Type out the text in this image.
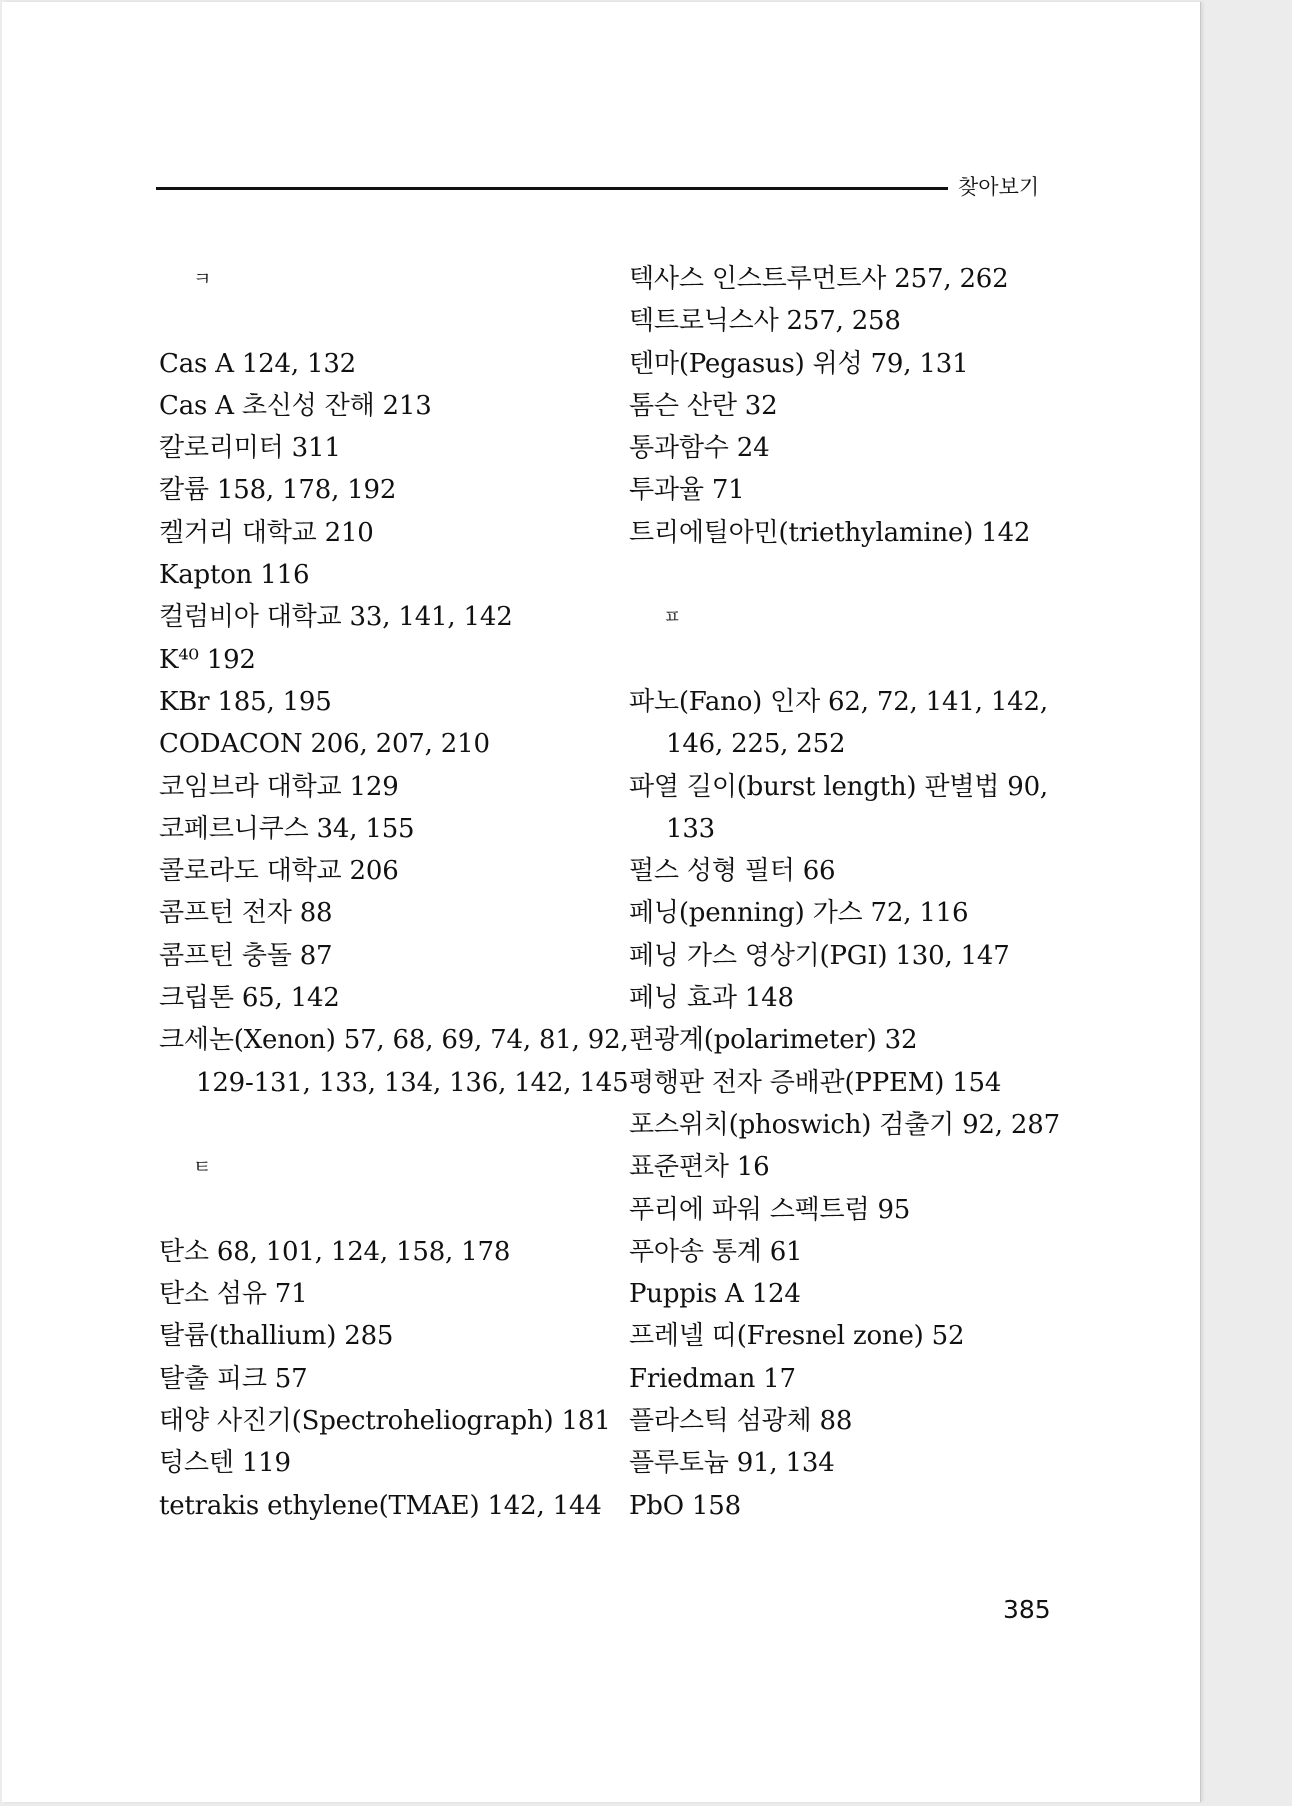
찾아보기
ㅋ
Cas A 124, 132
Cas A 초신성 잔해 213
칼로리미터 311
칼륨 158, 178, 192
켈거리 대학교 210
Kapton 116
컬럼비아 대학교 33, 141, 142
K⁴⁰ 192
KBr 185, 195
CODACON 206, 207, 210
코임브라 대학교 129
코페르니쿠스 34, 155
콜로라도 대학교 206
콤프턴 전자 88
콤프턴 충돌 87
크립톤 65, 142
크세논(Xenon) 57, 68, 69, 74, 81, 92,
129-131, 133, 134, 136, 142, 145
ㅌ
탄소 68, 101, 124, 158, 178
탄소 섬유 71
탈륨(thallium) 285
탈출 피크 57
태양 사진기(Spectroheliograph) 181
텅스텐 119
tetrakis ethylene(TMAE) 142, 144
텍사스 인스트루먼트사 257, 262
텍트로닉스사 257, 258
텐마(Pegasus) 위성 79, 131
톰슨 산란 32
통과함수 24
투과율 71
트리에틸아민(triethylamine) 142
ㅍ
파노(Fano) 인자 62, 72, 141, 142,
146, 225, 252
파열 길이(burst length) 판별법 90,
133
펄스 성형 필터 66
페닝(penning) 가스 72, 116
페닝 가스 영상기(PGI) 130, 147
페닝 효과 148
편광계(polarimeter) 32
평행판 전자 증배관(PPEM) 154
포스위치(phoswich) 검출기 92, 287
표준편차 16
푸리에 파워 스펙트럼 95
푸아송 통계 61
Puppis A 124
프레넬 띠(Fresnel zone) 52
Friedman 17
플라스틱 섬광체 88
플루토늄 91, 134
PbO 158
385
